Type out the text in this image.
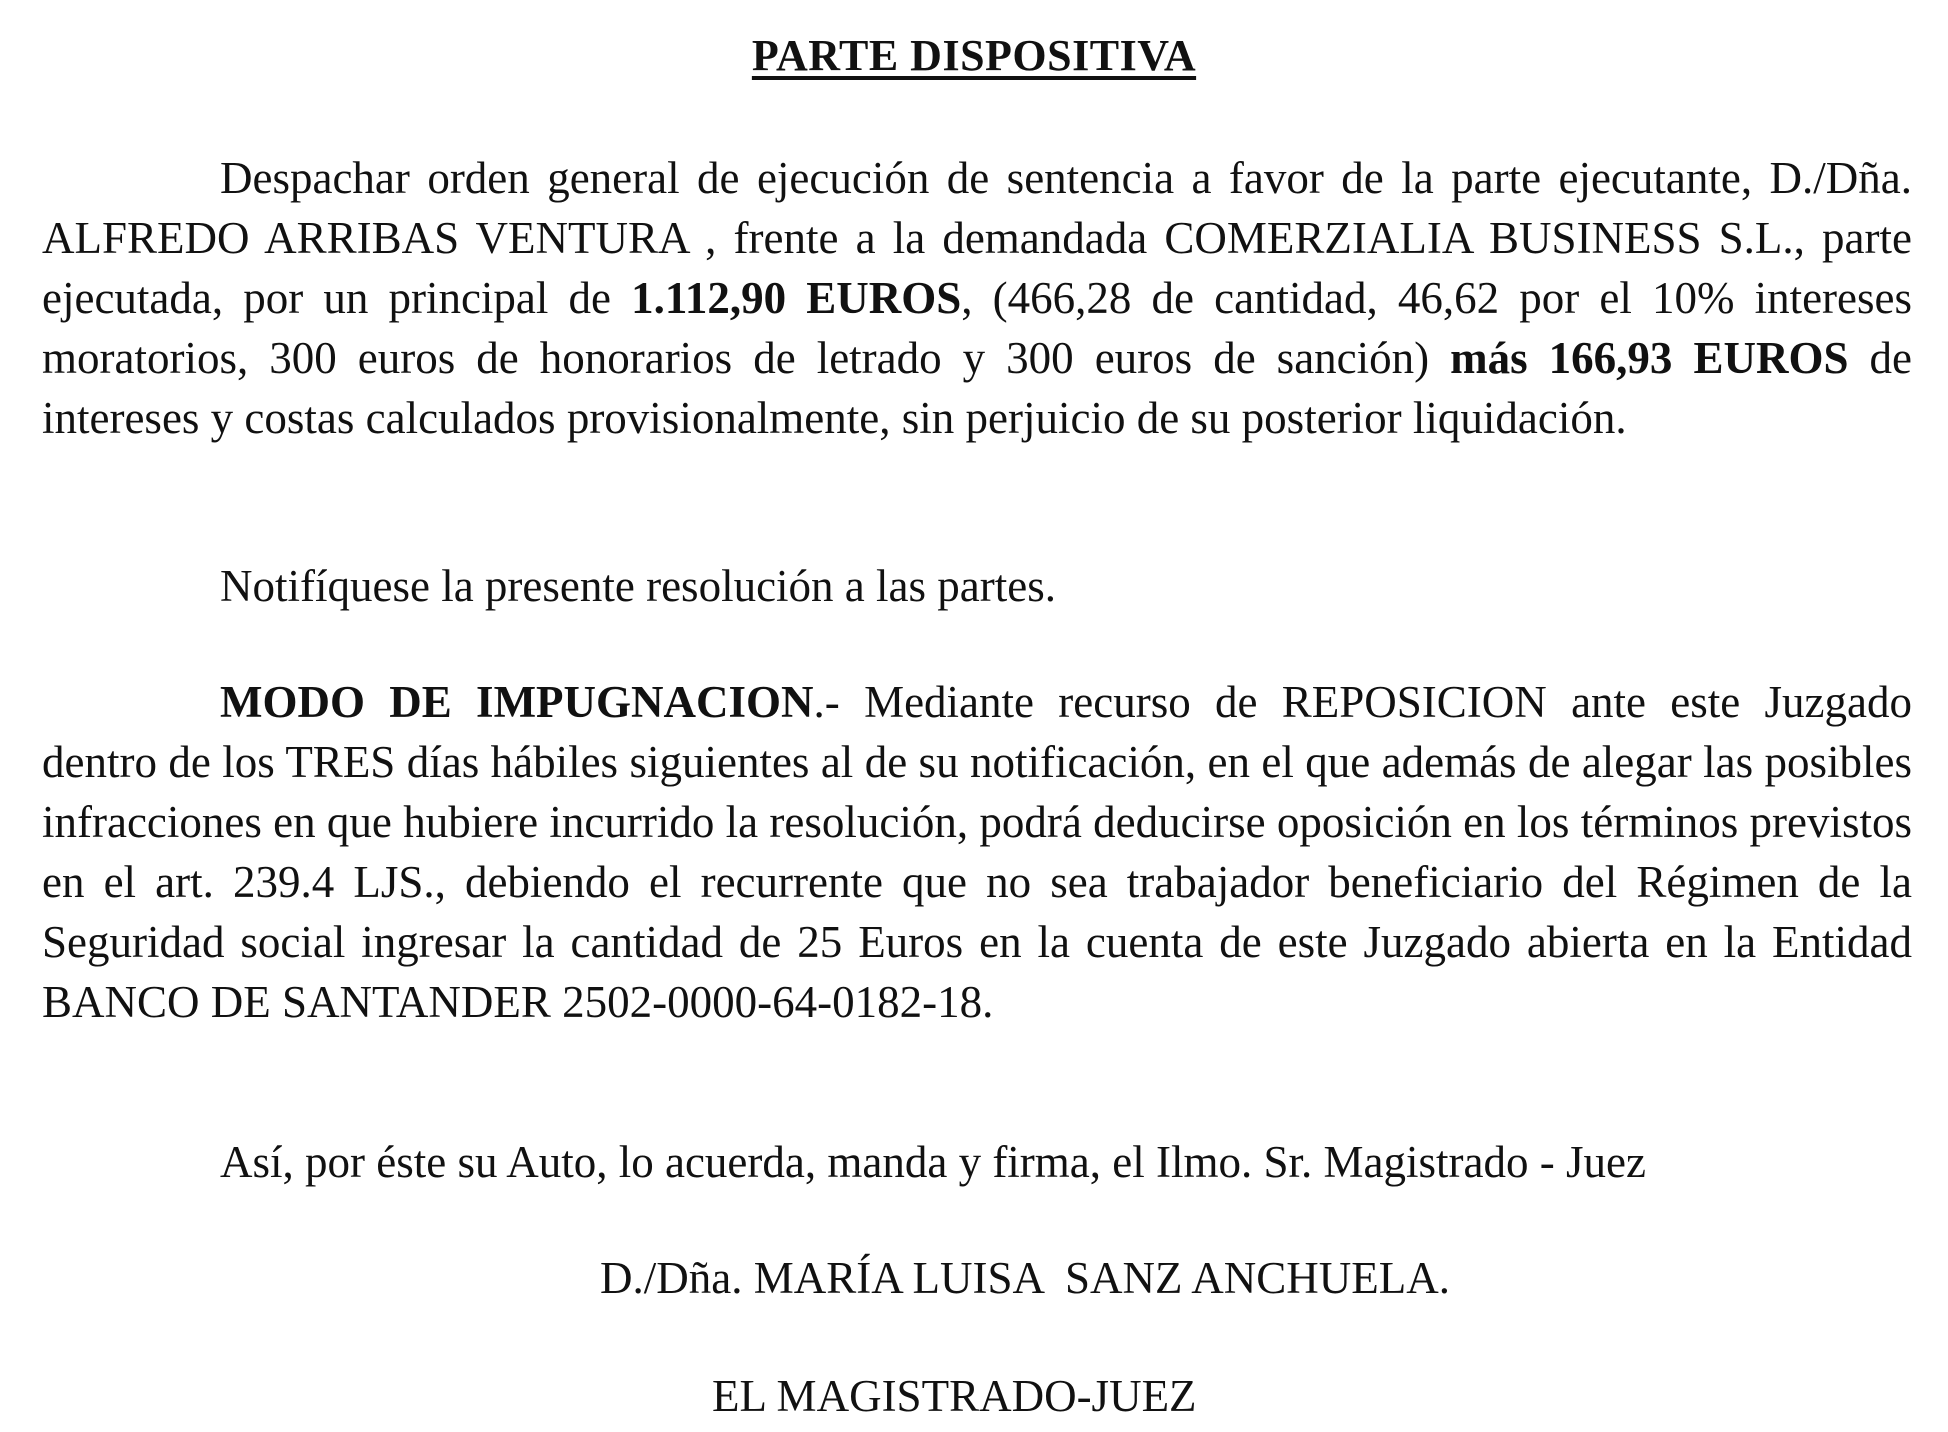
PARTE DISPOSITIVA
Despachar orden general de ejecución de sentencia a favor de la parte ejecutante, D./Dña. ALFREDO ARRIBAS VENTURA , frente a la demandada COMERZIALIA BUSINESS S.L., parte ejecutada, por un principal de 1.112,90 EUROS, (466,28 de cantidad, 46,62 por el 10% intereses moratorios, 300 euros de honorarios de letrado y 300 euros de sanción) más 166,93 EUROS de intereses y costas calculados provisionalmente, sin perjuicio de su posterior liquidación.
Notifíquese la presente resolución a las partes.
MODO DE IMPUGNACION.- Mediante recurso de REPOSICION ante este Juzgado dentro de los TRES días hábiles siguientes al de su notificación, en el que además de alegar las posibles infracciones en que hubiere incurrido la resolución, podrá deducirse oposición en los términos previstos en el art. 239.4 LJS., debiendo el recurrente que no sea trabajador beneficiario del Régimen de la Seguridad social ingresar la cantidad de 25 Euros en la cuenta de este Juzgado abierta en la Entidad BANCO DE SANTANDER 2502-0000-64-0182-18.
Así, por éste su Auto, lo acuerda, manda y firma, el Ilmo. Sr. Magistrado - Juez
D./Dña. MARÍA LUISA  SANZ ANCHUELA.
EL MAGISTRADO-JUEZ
